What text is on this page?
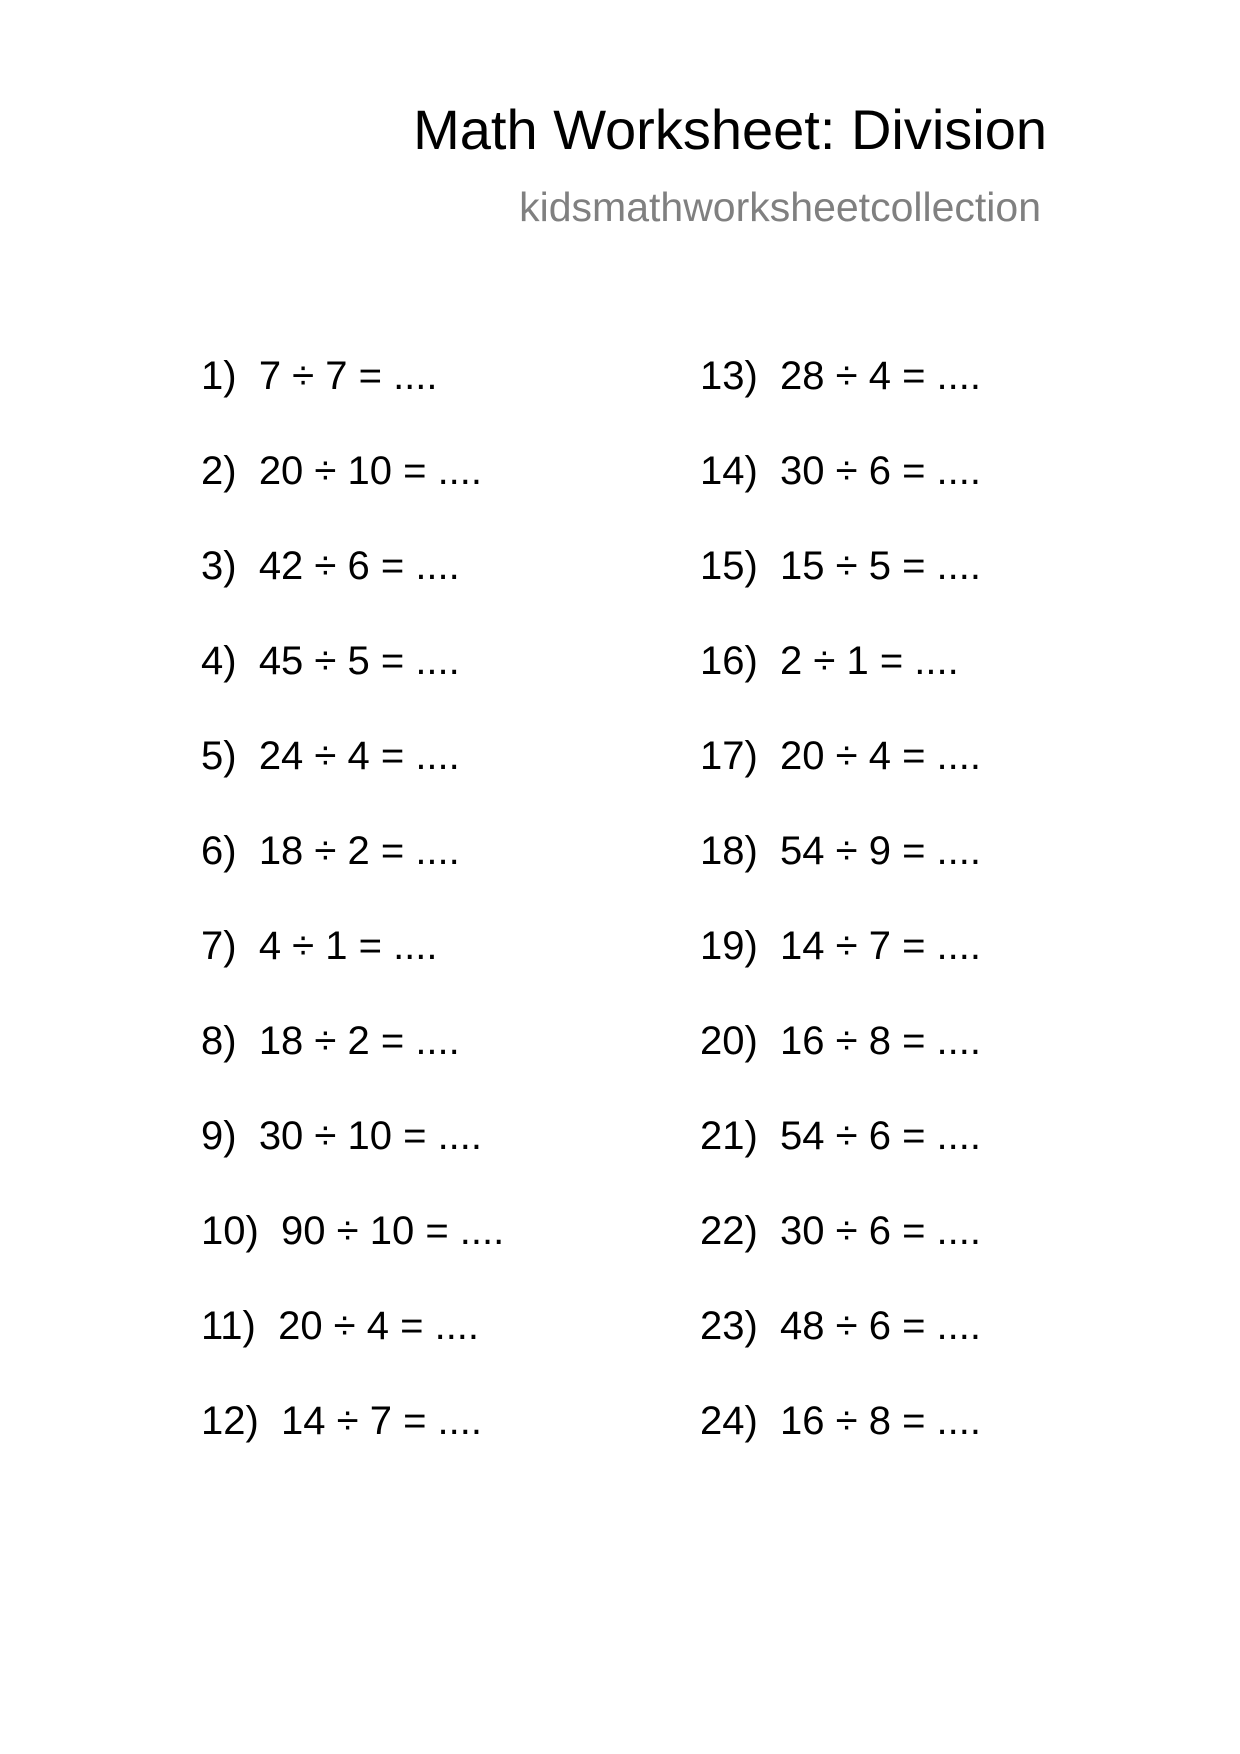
Math Worksheet: Division
kidsmathworksheetcollection
1) 7 ÷ 7 = ....
2) 20 ÷ 10 = ....
3) 42 ÷ 6 = ....
4) 45 ÷ 5 = ....
5) 24 ÷ 4 = ....
6) 18 ÷ 2 = ....
7) 4 ÷ 1 = ....
8) 18 ÷ 2 = ....
9) 30 ÷ 10 = ....
10) 90 ÷ 10 = ....
11) 20 ÷ 4 = ....
12) 14 ÷ 7 = ....
13) 28 ÷ 4 = ....
14) 30 ÷ 6 = ....
15) 15 ÷ 5 = ....
16) 2 ÷ 1 = ....
17) 20 ÷ 4 = ....
18) 54 ÷ 9 = ....
19) 14 ÷ 7 = ....
20) 16 ÷ 8 = ....
21) 54 ÷ 6 = ....
22) 30 ÷ 6 = ....
23) 48 ÷ 6 = ....
24) 16 ÷ 8 = ....
